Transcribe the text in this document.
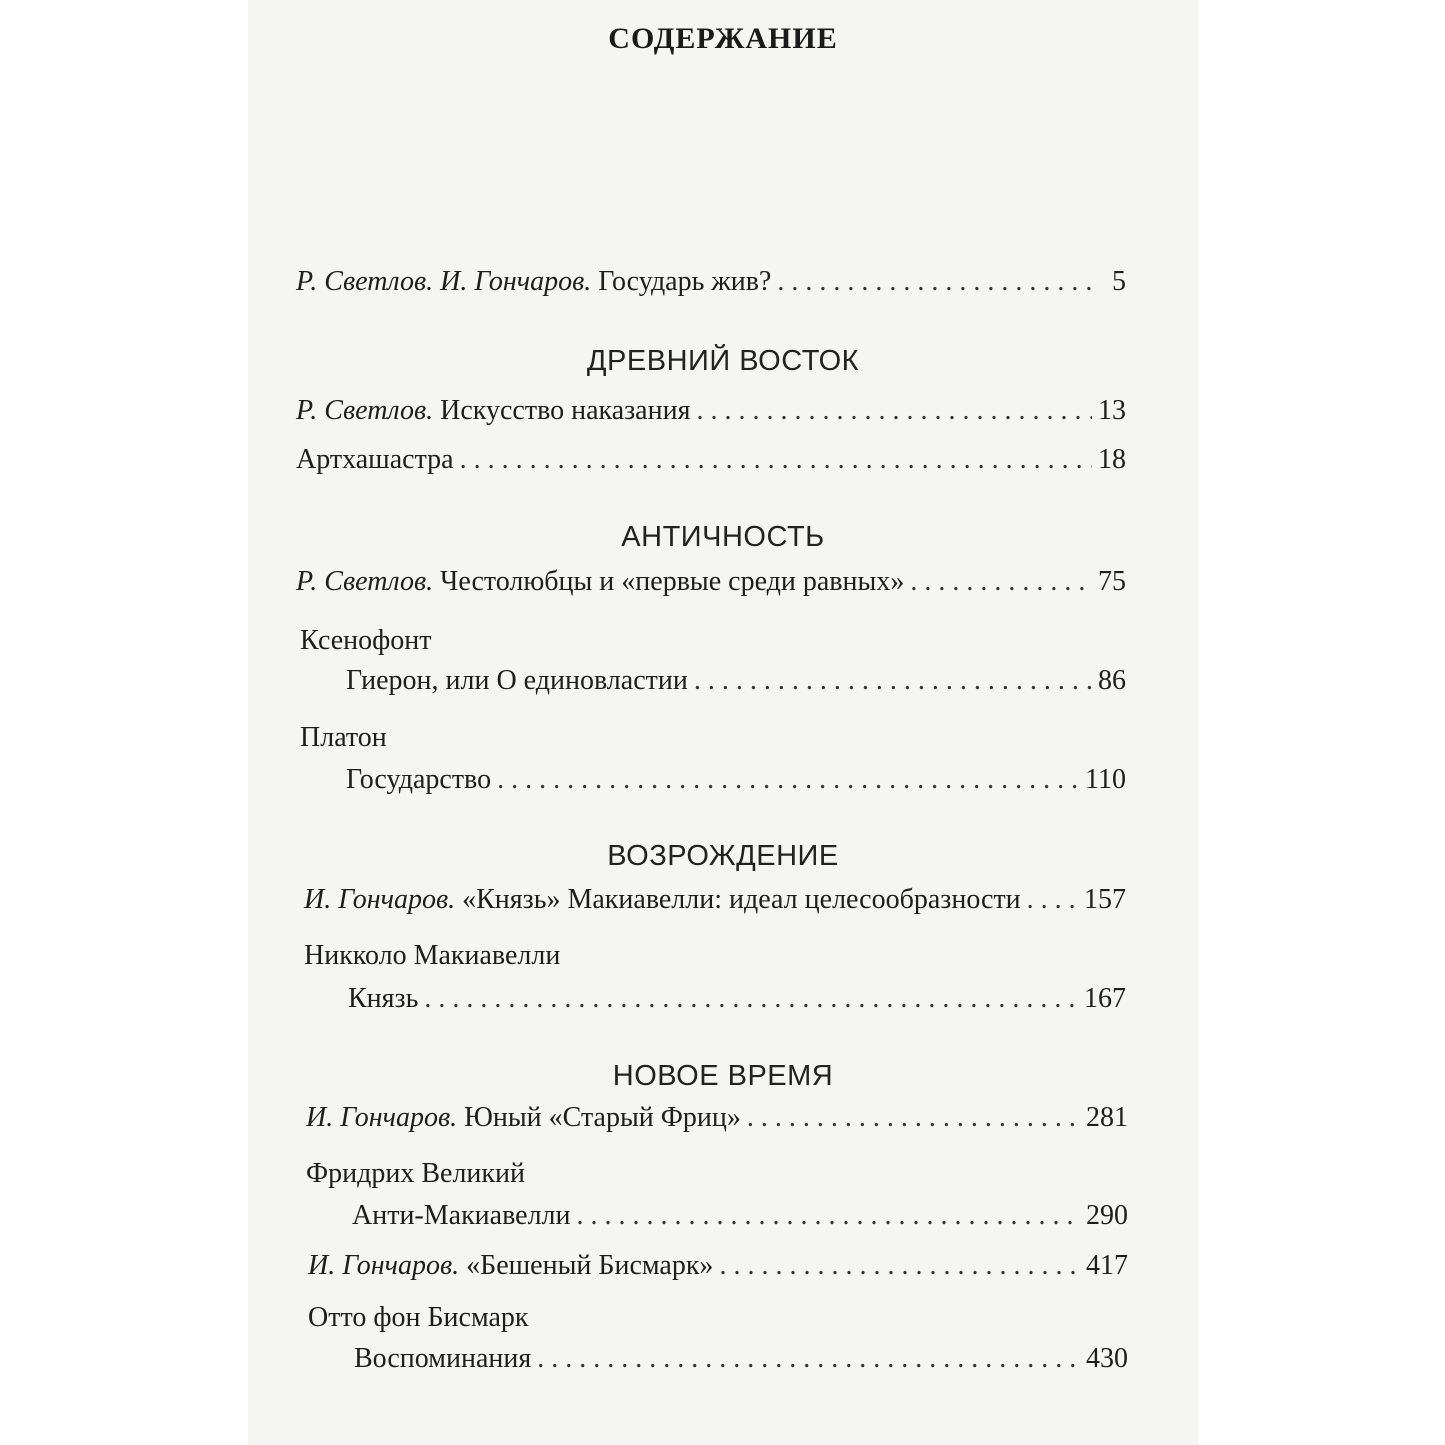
СОДЕРЖАНИЕ
Р. Светлов. И. Гончаров. Государь жив? . . .	5
ДРЕВНИЙ ВОСТОК
Р. Светлов. Искусство наказания . . .	13
Артхашастра . . .	18
АНТИЧНОСТЬ
Р. Светлов. Честолюбцы и «первые среди равных» . . .	75
Ксенофонт
Гиерон, или О единовластии . . .	86
Платон
Государство . . .	110
ВОЗРОЖДЕНИЕ
И. Гончаров. «Князь» Макиавелли: идеал целесообразности . . . 157
Никколо Макиавелли
Князь . . .	167
НОВОЕ ВРЕМЯ
И. Гончаров. Юный «Старый Фриц» . . .	281
Фридрих Великий
Анти-Макиавелли . . .	290
И. Гончаров. «Бешеный Бисмарк» . . .	417
Отто фон Бисмарк
Воспоминания . . .	430
